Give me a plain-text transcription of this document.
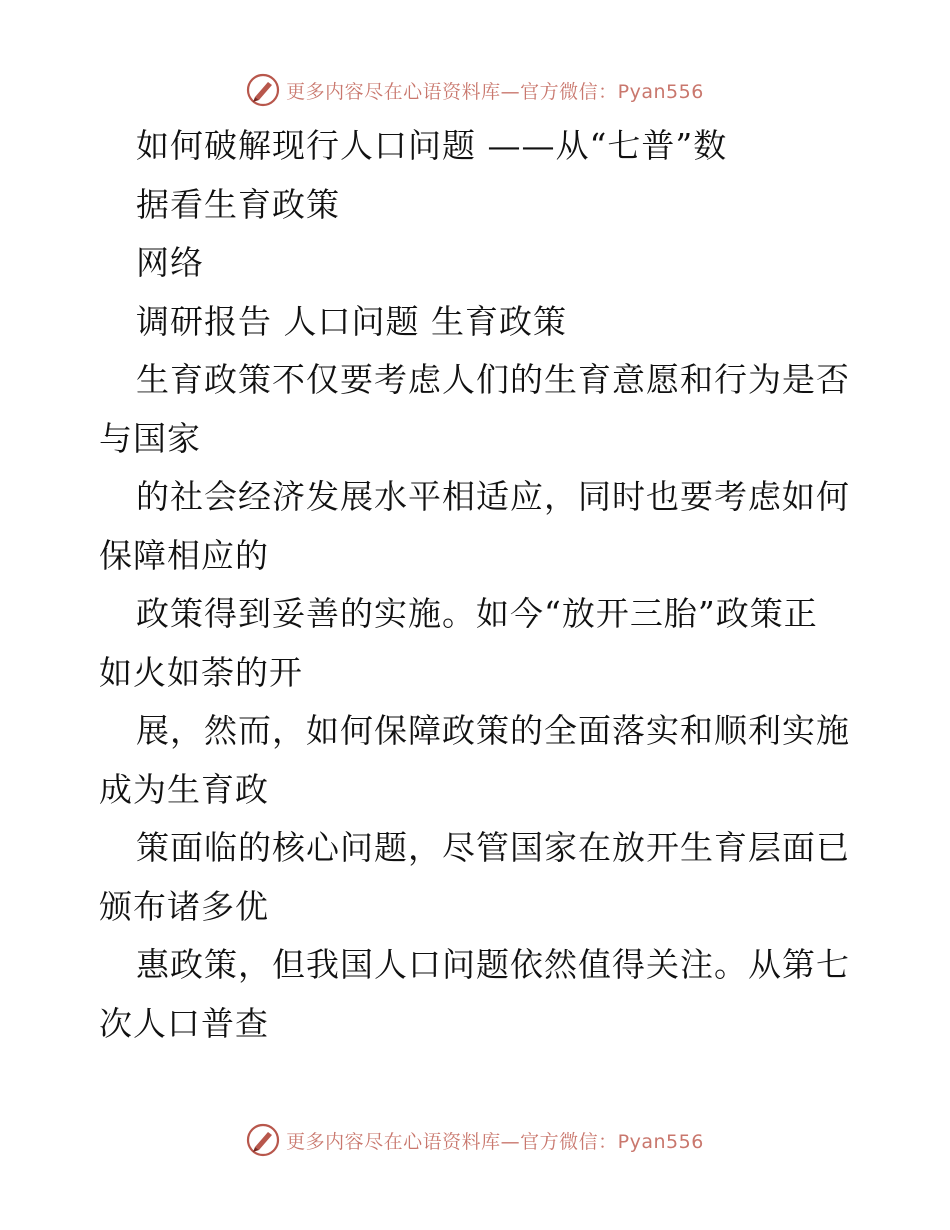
更多内容尽在心语资料库—官方微信：Pyan556
如何破解现行人口问题 ——从“七普”数
据看生育政策
网络
调研报告 人口问题 生育政策
生育政策不仅要考虑人们的生育意愿和行为是否
与国家
的社会经济发展水平相适应，同时也要考虑如何
保障相应的
政策得到妥善的实施。如今“放开三胎”政策正
如火如荼的开
展，然而，如何保障政策的全面落实和顺利实施
成为生育政
策面临的核心问题，尽管国家在放开生育层面已
颁布诸多优
惠政策，但我国人口问题依然值得关注。从第七
次人口普查
更多内容尽在心语资料库—官方微信：Pyan556
